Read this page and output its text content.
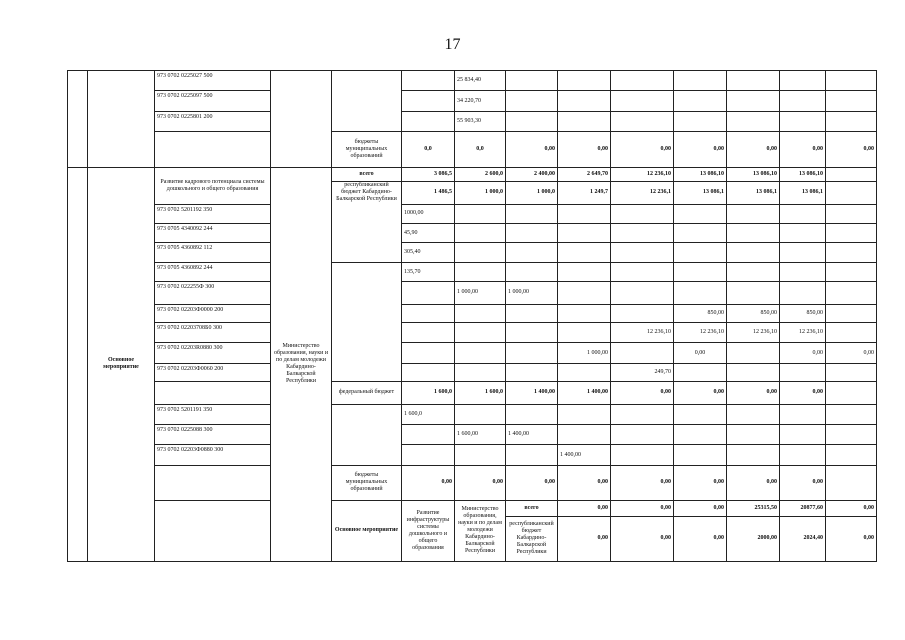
17
		973 0702 0225027 500				25 834,40								
		973 0702 0225097 500				34 220,70								
		973 0702 0225801 200				55 903,30								
				бюджеты муниципальных образований	0,0	0,0	0,00	0,00	0,00	0,00	0,00	0,00	0,00	
	Основное мероприятие	Развитие кадрового потенциала системы дошкольного и общего образования	Министерство образования, науки и по делам молодежи Кабардино-Балкарской Республики	всего	3 086,5	2 600,0	2 400,00	2 649,70	12 236,10	13 086,10	13 086,10	13 086,10		
				республиканский бюджет Кабардино-Балкарской Республики	1 486,5	1 000,0	1 000,0	1 249,7	12 236,1	13 086,1	13 086,1	13 086,1		
		973 0702 5201192 350			1000,00									
		973 0705 4340092 244			45,90									
		973 0705 4360892 112			305,40									
		973 0705 4360892 244			135,70									
		973 0702 022255Ф 300				1 000,00	1 000,00							
		973 0702 02203Ф0000 200								850,00	850,00	850,00		
		973 0702 02203708Б0 300							12 236,10	12 236,10	12 236,10	12 236,10		
		973 0702 02203R0880 300						1 000,00		0,00		0,00	0,00	
		973 0702 02203Ф0060 200							249,70					
				федеральный бюджет	1 600,0	1 600,0	1 400,00	1 400,00	0,00	0,00	0,00	0,00		
		973 0702 5201191 350			1 600,0									
		973 0702 0225088 300				1 600,00	1 400,00							
		973 0702 02203Ф0880 300						1 400,00						
				бюджеты муниципальных образований	0,00	0,00	0,00	0,00	0,00	0,00	0,00	0,00		
				Основное мероприятие	Развитие инфраструктуры системы дошкольного и общего образования	Министерство образования, науки и по делам молодежи Кабардино-Балкарской Республики	всего	0,00	0,00	0,00	25315,50	20877,60	0,00			
							республиканский бюджет Кабардино-Балкарской Республики	0,00	0,00	0,00	2000,00	2024,40	0,00			
